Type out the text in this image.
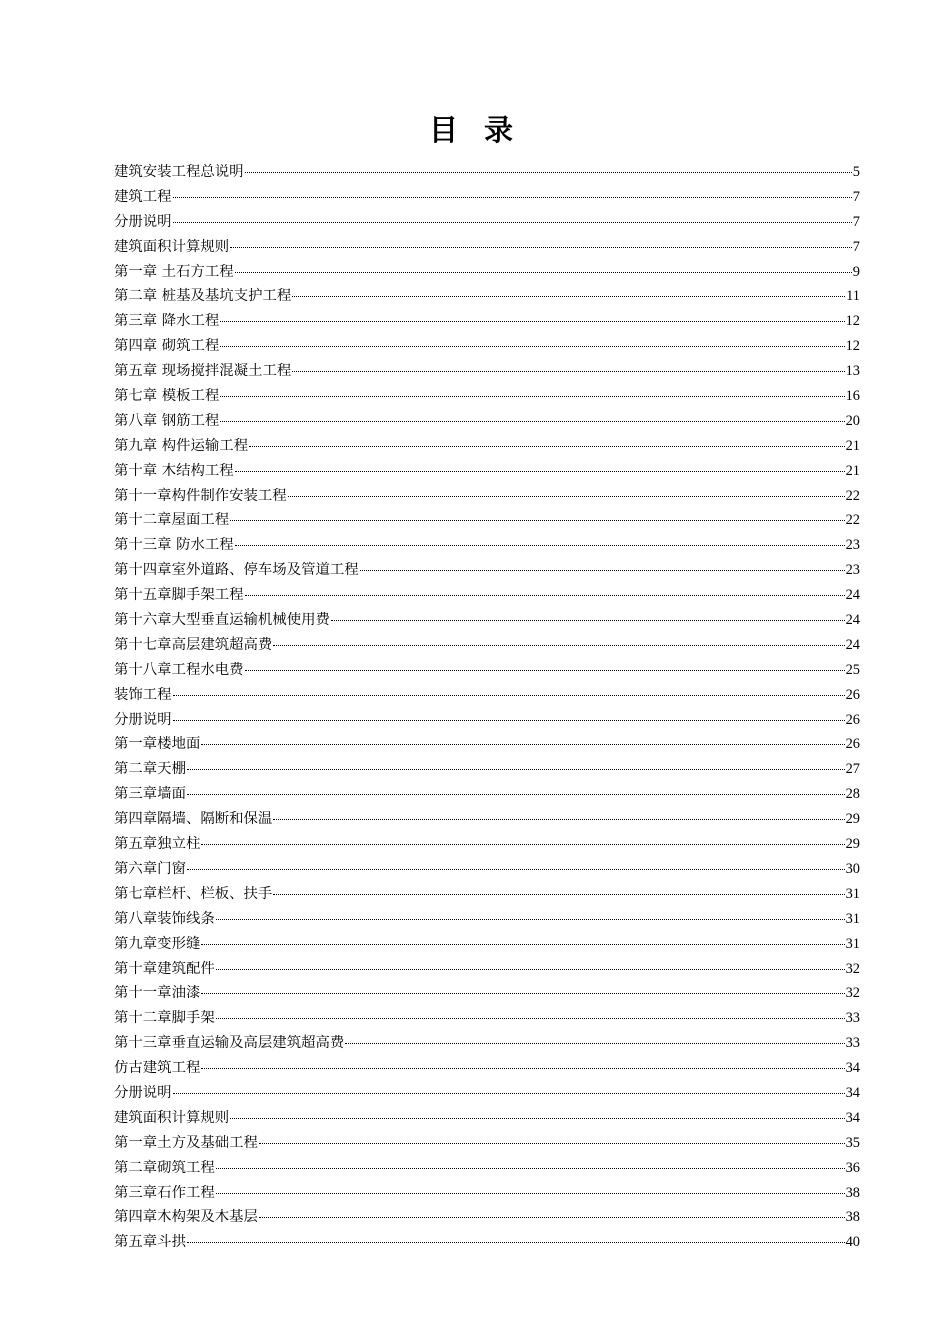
目 录
建筑安装工程总说明	5
建筑工程	7
分册说明	7
建筑面积计算规则	7
第一章 土石方工程	9
第二章 桩基及基坑支护工程	11
第三章 降水工程	12
第四章 砌筑工程	12
第五章 现场搅拌混凝土工程	13
第七章 模板工程	16
第八章 钢筋工程	20
第九章 构件运输工程	21
第十章 木结构工程	21
第十一章构件制作安装工程	22
第十二章屋面工程	22
第十三章 防水工程	23
第十四章室外道路、停车场及管道工程	23
第十五章脚手架工程	24
第十六章大型垂直运输机械使用费	24
第十七章高层建筑超高费	24
第十八章工程水电费	25
装饰工程	26
分册说明	26
第一章楼地面	26
第二章天棚	27
第三章墙面	28
第四章隔墙、隔断和保温	29
第五章独立柱	29
第六章门窗	30
第七章栏杆、栏板、扶手	31
第八章装饰线条	31
第九章变形缝	31
第十章建筑配件	32
第十一章油漆	32
第十二章脚手架	33
第十三章垂直运输及高层建筑超高费	33
仿古建筑工程	34
分册说明	34
建筑面积计算规则	34
第一章土方及基础工程	35
第二章砌筑工程	36
第三章石作工程	38
第四章木构架及木基层	38
第五章斗拱	40
